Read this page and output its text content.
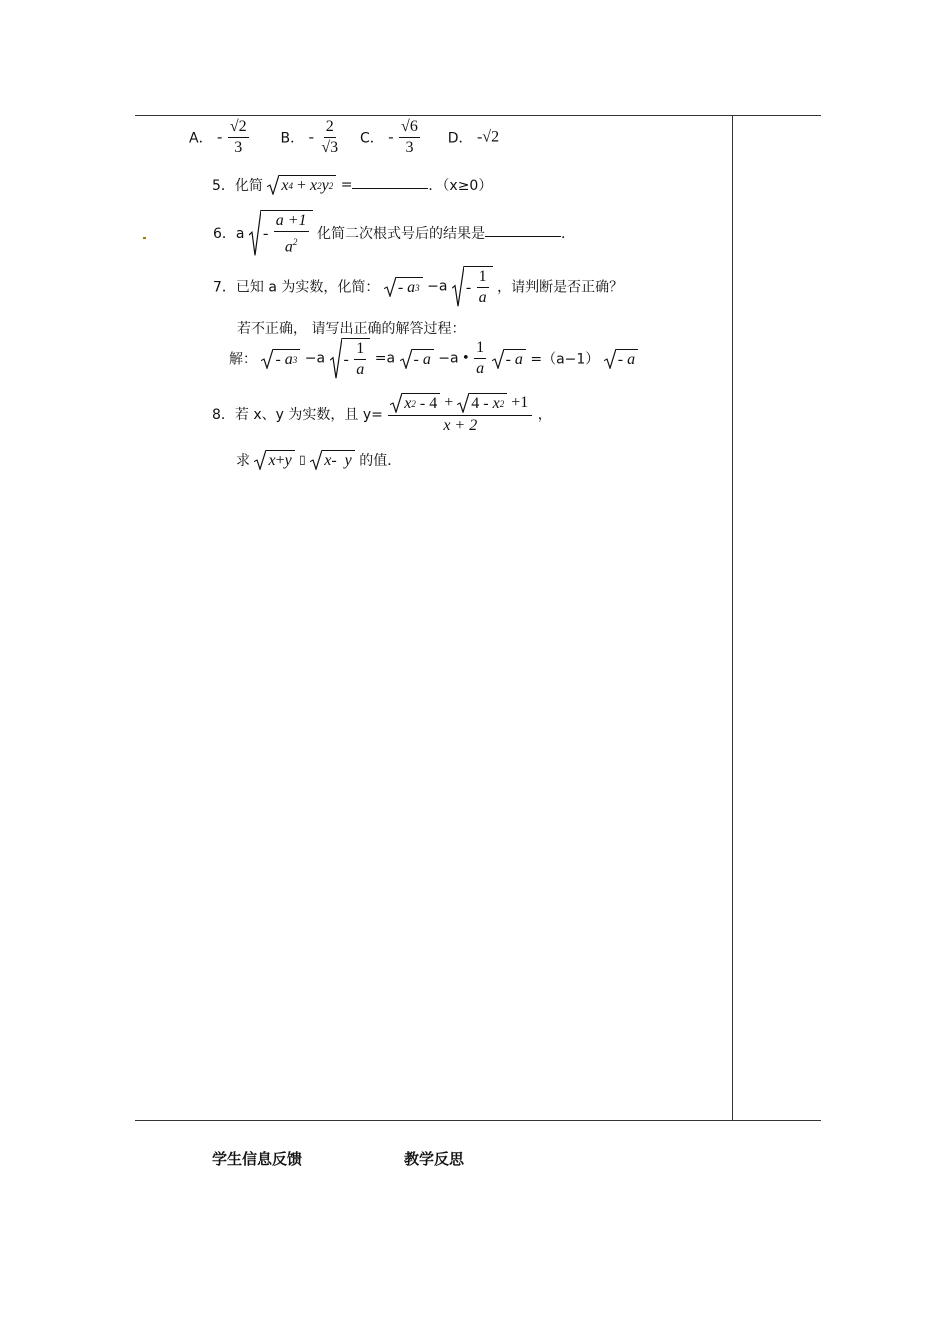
A． - $\frac{√2}{3}$ B． - $\frac{2}{√3}$ C． - $\frac{√6}{3}$ D． -√2
5．化简 x 4
+ x 2 y 2 =	．（x≥0）
6．a -
$\frac{a +1}{a^2}$ 化简二次根式号后的结果是	．
7．已知 a 为实数，化简： - a 3 −a -
$\frac{1}{a}$ ，请判断是否正确？
若不正确， 请写出正确的解答过程：
解： - a 3 −a -
$\frac{1}{a} =a - a -a$ • $\frac{1}{a}$
- a =（a−1） - a
8．若 x、y 为实数，且 y=
x 2
- 4 + 4 - x 2 +1
x + 2
，
求 x + y ▯ x - y 的值．
学生信息反馈	教学反思
